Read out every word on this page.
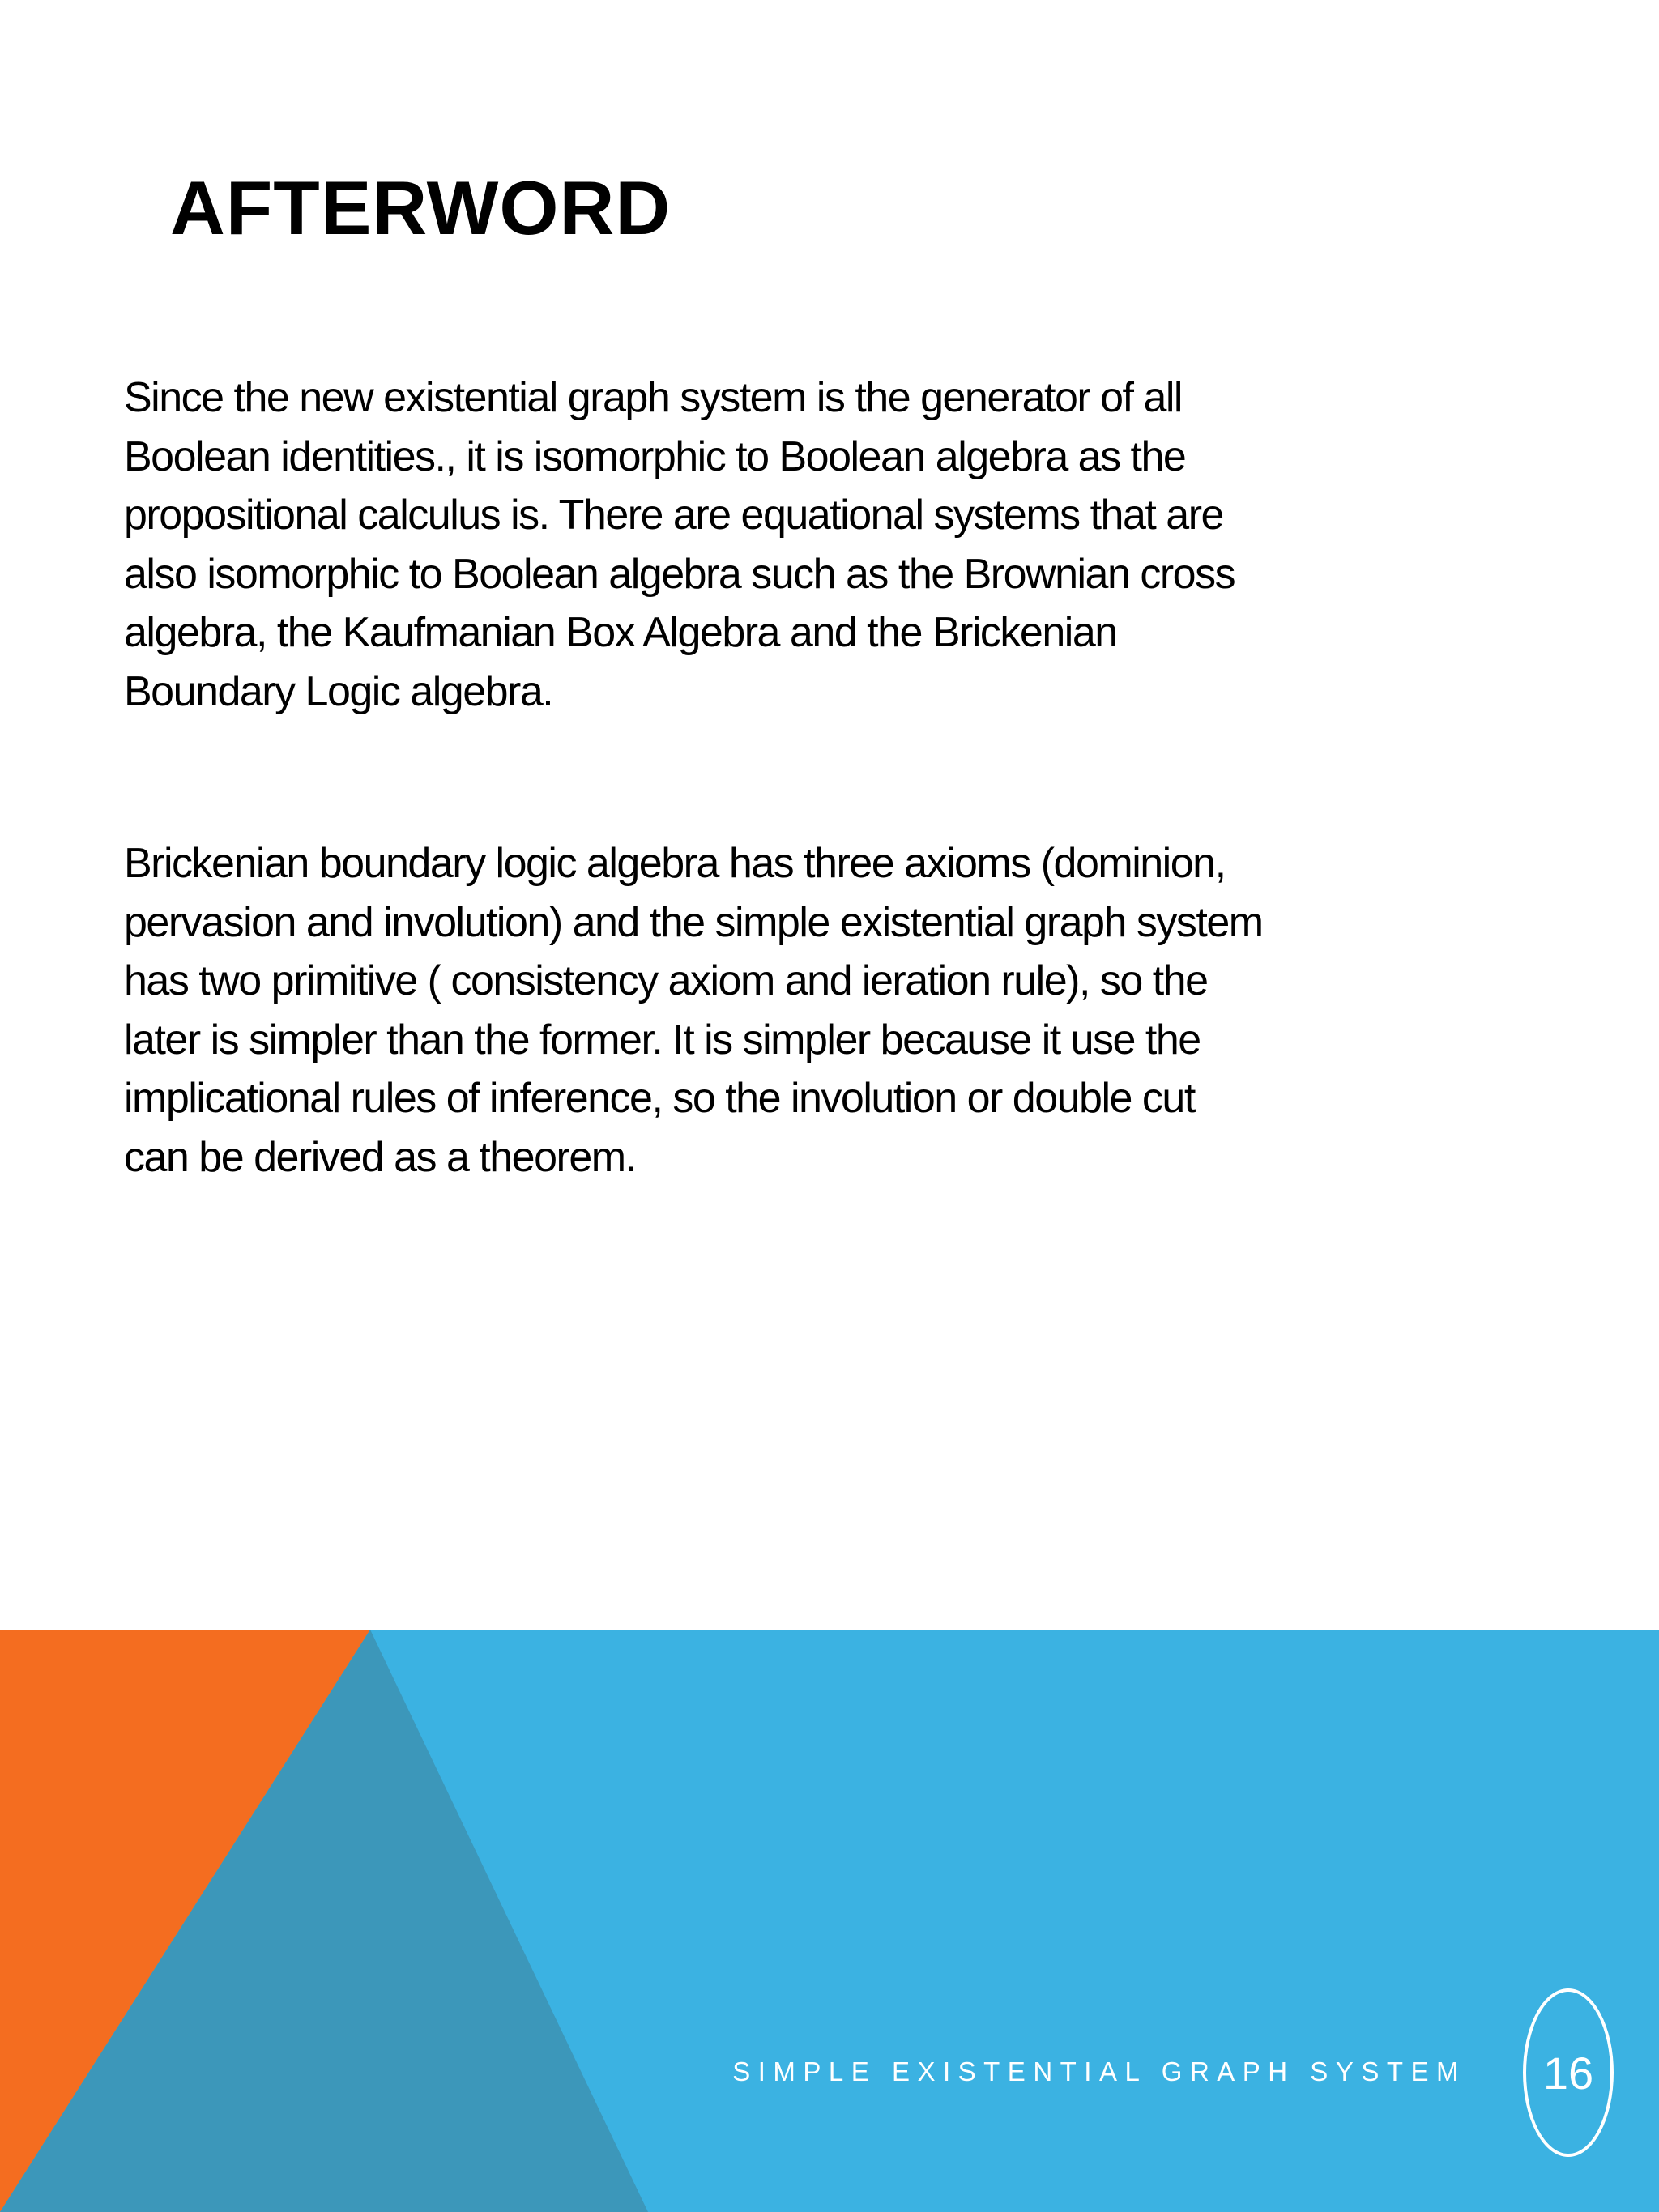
AFTERWORD

Since the new existential graph system is the generator of all
Boolean identities., it is isomorphic to Boolean algebra as the
propositional calculus is. There are equational systems that are
also isomorphic to Boolean algebra such as the Brownian cross
algebra, the Kaufmanian Box Algebra and the Brickenian
Boundary Logic algebra.

Brickenian boundary logic algebra has three axioms (dominion,
pervasion and involution) and the simple existential graph system
has two primitive ( consistency axiom and ieration rule), so the
later is simpler than the former. It is simpler because it use the
implicational rules of inference, so the involution or double cut
can be derived as a theorem.

SIMPLE EXISTENTIAL GRAPH SYSTEM 16
